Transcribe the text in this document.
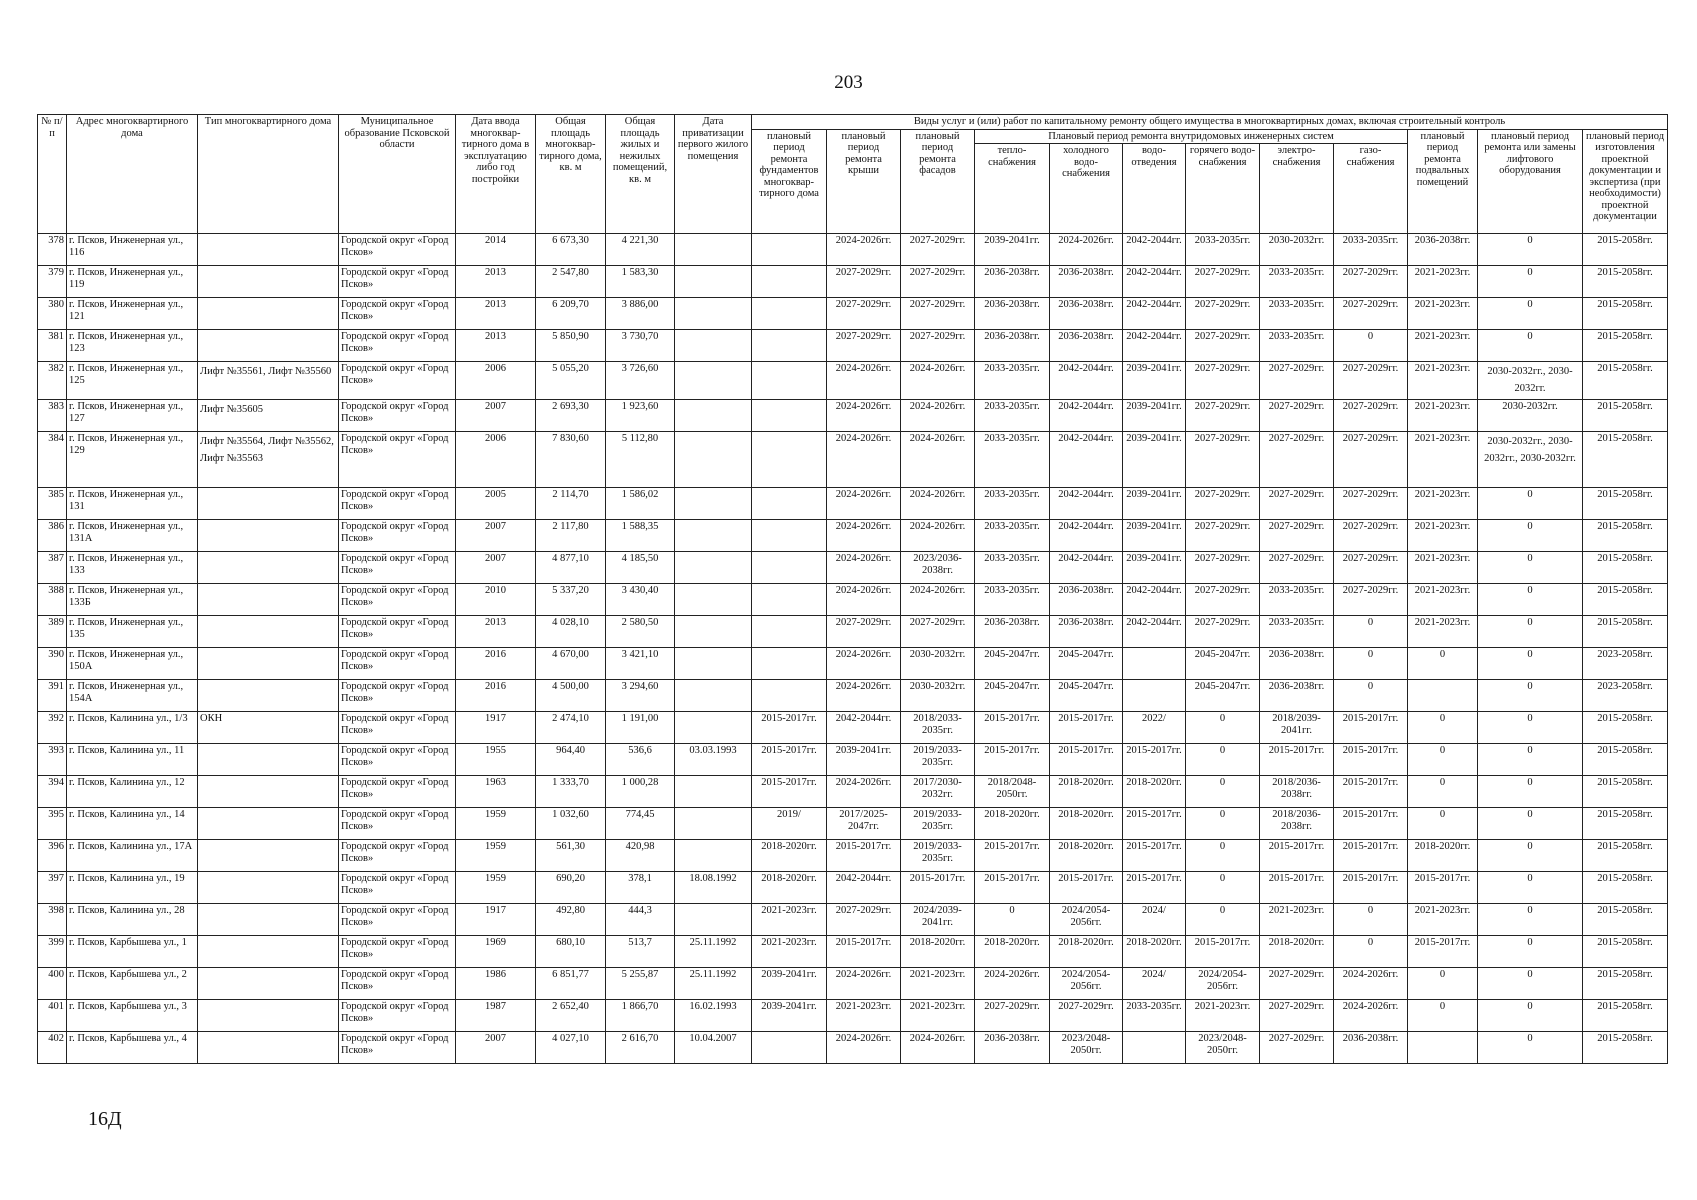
203
№ п/п	Адрес многоквартирного дома	Тип многоквартирного дома	Муниципальное образование Псковской области	Дата ввода многоквар-тирного дома в эксплуатацию либо год постройки	Общая площадь многоквар-тирного дома, кв. м	Общая площадь жилых и нежилых помещений, кв. м	Дата приватизации первого жилого помещения	Виды услуг и (или) работ по капитальному ремонту общего имущества в многоквартирных домах, включая строительный контроль											
								плановый период ремонта фундаментов многоквар-тирного дома	плановый период ремонта крыши	плановый период ремонта фасадов	Плановый период ремонта внутридомовых инженерных систем						плановый период ремонта подвальных помещений	плановый период ремонта или замены лифтового оборудования	плановый период изготовления проектной документации и экспертиза (при необходимости) проектной документации
											тепло-снабжения	холодного водо-снабжения	водо-отведения	горячего водо-снабжения	электро-снабжения	газо-снабжения			
378	г. Псков, Инженерная ул., 116		Городской округ «Город Псков»	2014	6 673,30	4 221,30			2024-2026гг.	2027-2029гг.	2039-2041гг.	2024-2026гг.	2042-2044гг.	2033-2035гг.	2030-2032гг.	2033-2035гг.	2036-2038гг.	0	2015-2058гг.
379	г. Псков, Инженерная ул., 119		Городской округ «Город Псков»	2013	2 547,80	1 583,30			2027-2029гг.	2027-2029гг.	2036-2038гг.	2036-2038гг.	2042-2044гг.	2027-2029гг.	2033-2035гг.	2027-2029гг.	2021-2023гг.	0	2015-2058гг.
380	г. Псков, Инженерная ул., 121		Городской округ «Город Псков»	2013	6 209,70	3 886,00			2027-2029гг.	2027-2029гг.	2036-2038гг.	2036-2038гг.	2042-2044гг.	2027-2029гг.	2033-2035гг.	2027-2029гг.	2021-2023гг.	0	2015-2058гг.
381	г. Псков, Инженерная ул., 123		Городской округ «Город Псков»	2013	5 850,90	3 730,70			2027-2029гг.	2027-2029гг.	2036-2038гг.	2036-2038гг.	2042-2044гг.	2027-2029гг.	2033-2035гг.	0	2021-2023гг.	0	2015-2058гг.
382	г. Псков, Инженерная ул., 125	Лифт №35561, Лифт №35560	Городской округ «Город Псков»	2006	5 055,20	3 726,60			2024-2026гг.	2024-2026гг.	2033-2035гг.	2042-2044гг.	2039-2041гг.	2027-2029гг.	2027-2029гг.	2027-2029гг.	2021-2023гг.	2030-2032гг., 2030-2032гг.	2015-2058гг.
383	г. Псков, Инженерная ул., 127	Лифт №35605	Городской округ «Город Псков»	2007	2 693,30	1 923,60			2024-2026гг.	2024-2026гг.	2033-2035гг.	2042-2044гг.	2039-2041гг.	2027-2029гг.	2027-2029гг.	2027-2029гг.	2021-2023гг.	2030-2032гг.	2015-2058гг.
384	г. Псков, Инженерная ул., 129	Лифт №35564, Лифт №35562, Лифт №35563	Городской округ «Город Псков»	2006	7 830,60	5 112,80			2024-2026гг.	2024-2026гг.	2033-2035гг.	2042-2044гг.	2039-2041гг.	2027-2029гг.	2027-2029гг.	2027-2029гг.	2021-2023гг.	2030-2032гг., 2030-2032гг., 2030-2032гг.	2015-2058гг.
385	г. Псков, Инженерная ул., 131		Городской округ «Город Псков»	2005	2 114,70	1 586,02			2024-2026гг.	2024-2026гг.	2033-2035гг.	2042-2044гг.	2039-2041гг.	2027-2029гг.	2027-2029гг.	2027-2029гг.	2021-2023гг.	0	2015-2058гг.
386	г. Псков, Инженерная ул., 131А		Городской округ «Город Псков»	2007	2 117,80	1 588,35			2024-2026гг.	2024-2026гг.	2033-2035гг.	2042-2044гг.	2039-2041гг.	2027-2029гг.	2027-2029гг.	2027-2029гг.	2021-2023гг.	0	2015-2058гг.
387	г. Псков, Инженерная ул., 133		Городской округ «Город Псков»	2007	4 877,10	4 185,50			2024-2026гг.	2023/2036-2038гг.	2033-2035гг.	2042-2044гг.	2039-2041гг.	2027-2029гг.	2027-2029гг.	2027-2029гг.	2021-2023гг.	0	2015-2058гг.
388	г. Псков, Инженерная ул., 133Б		Городской округ «Город Псков»	2010	5 337,20	3 430,40			2024-2026гг.	2024-2026гг.	2033-2035гг.	2036-2038гг.	2042-2044гг.	2027-2029гг.	2033-2035гг.	2027-2029гг.	2021-2023гг.	0	2015-2058гг.
389	г. Псков, Инженерная ул., 135		Городской округ «Город Псков»	2013	4 028,10	2 580,50			2027-2029гг.	2027-2029гг.	2036-2038гг.	2036-2038гг.	2042-2044гг.	2027-2029гг.	2033-2035гг.	0	2021-2023гг.	0	2015-2058гг.
390	г. Псков, Инженерная ул., 150А		Городской округ «Город Псков»	2016	4 670,00	3 421,10			2024-2026гг.	2030-2032гг.	2045-2047гг.	2045-2047гг.		2045-2047гг.	2036-2038гг.	0	0	0	2023-2058гг.
391	г. Псков, Инженерная ул., 154А		Городской округ «Город Псков»	2016	4 500,00	3 294,60			2024-2026гг.	2030-2032гг.	2045-2047гг.	2045-2047гг.		2045-2047гг.	2036-2038гг.	0		0	2023-2058гг.
392	г. Псков, Калинина ул., 1/3	ОКН	Городской округ «Город Псков»	1917	2 474,10	1 191,00		2015-2017гг.	2042-2044гг.	2018/2033-2035гг.	2015-2017гг.	2015-2017гг.	2022/	0	2018/2039-2041гг.	2015-2017гг.	0	0	2015-2058гг.
393	г. Псков, Калинина ул., 11		Городской округ «Город Псков»	1955	964,40	536,6	03.03.1993	2015-2017гг.	2039-2041гг.	2019/2033-2035гг.	2015-2017гг.	2015-2017гг.	2015-2017гг.	0	2015-2017гг.	2015-2017гг.	0	0	2015-2058гг.
394	г. Псков, Калинина ул., 12		Городской округ «Город Псков»	1963	1 333,70	1 000,28		2015-2017гг.	2024-2026гг.	2017/2030-2032гг.	2018/2048-2050гг.	2018-2020гг.	2018-2020гг.	0	2018/2036-2038гг.	2015-2017гг.	0	0	2015-2058гг.
395	г. Псков, Калинина ул., 14		Городской округ «Город Псков»	1959	1 032,60	774,45		2019/	2017/2025-2047гг.	2019/2033-2035гг.	2018-2020гг.	2018-2020гг.	2015-2017гг.	0	2018/2036-2038гг.	2015-2017гг.	0	0	2015-2058гг.
396	г. Псков, Калинина ул., 17А		Городской округ «Город Псков»	1959	561,30	420,98		2018-2020гг.	2015-2017гг.	2019/2033-2035гг.	2015-2017гг.	2018-2020гг.	2015-2017гг.	0	2015-2017гг.	2015-2017гг.	2018-2020гг.	0	2015-2058гг.
397	г. Псков, Калинина ул., 19		Городской округ «Город Псков»	1959	690,20	378,1	18.08.1992	2018-2020гг.	2042-2044гг.	2015-2017гг.	2015-2017гг.	2015-2017гг.	2015-2017гг.	0	2015-2017гг.	2015-2017гг.	2015-2017гг.	0	2015-2058гг.
398	г. Псков, Калинина ул., 28		Городской округ «Город Псков»	1917	492,80	444,3		2021-2023гг.	2027-2029гг.	2024/2039-2041гг.	0	2024/2054-2056гг.	2024/	0	2021-2023гг.	0	2021-2023гг.	0	2015-2058гг.
399	г. Псков, Карбышева ул., 1		Городской округ «Город Псков»	1969	680,10	513,7	25.11.1992	2021-2023гг.	2015-2017гг.	2018-2020гг.	2018-2020гг.	2018-2020гг.	2018-2020гг.	2015-2017гг.	2018-2020гг.	0	2015-2017гг.	0	2015-2058гг.
400	г. Псков, Карбышева ул., 2		Городской округ «Город Псков»	1986	6 851,77	5 255,87	25.11.1992	2039-2041гг.	2024-2026гг.	2021-2023гг.	2024-2026гг.	2024/2054-2056гг.	2024/	2024/2054-2056гг.	2027-2029гг.	2024-2026гг.	0	0	2015-2058гг.
401	г. Псков, Карбышева ул., 3		Городской округ «Город Псков»	1987	2 652,40	1 866,70	16.02.1993	2039-2041гг.	2021-2023гг.	2021-2023гг.	2027-2029гг.	2027-2029гг.	2033-2035гг.	2021-2023гг.	2027-2029гг.	2024-2026гг.	0	0	2015-2058гг.
402	г. Псков, Карбышева ул., 4		Городской округ «Город Псков»	2007	4 027,10	2 616,70	10.04.2007		2024-2026гг.	2024-2026гг.	2036-2038гг.	2023/2048-2050гг.		2023/2048-2050гг.	2027-2029гг.	2036-2038гг.		0	2015-2058гг.
16Д
